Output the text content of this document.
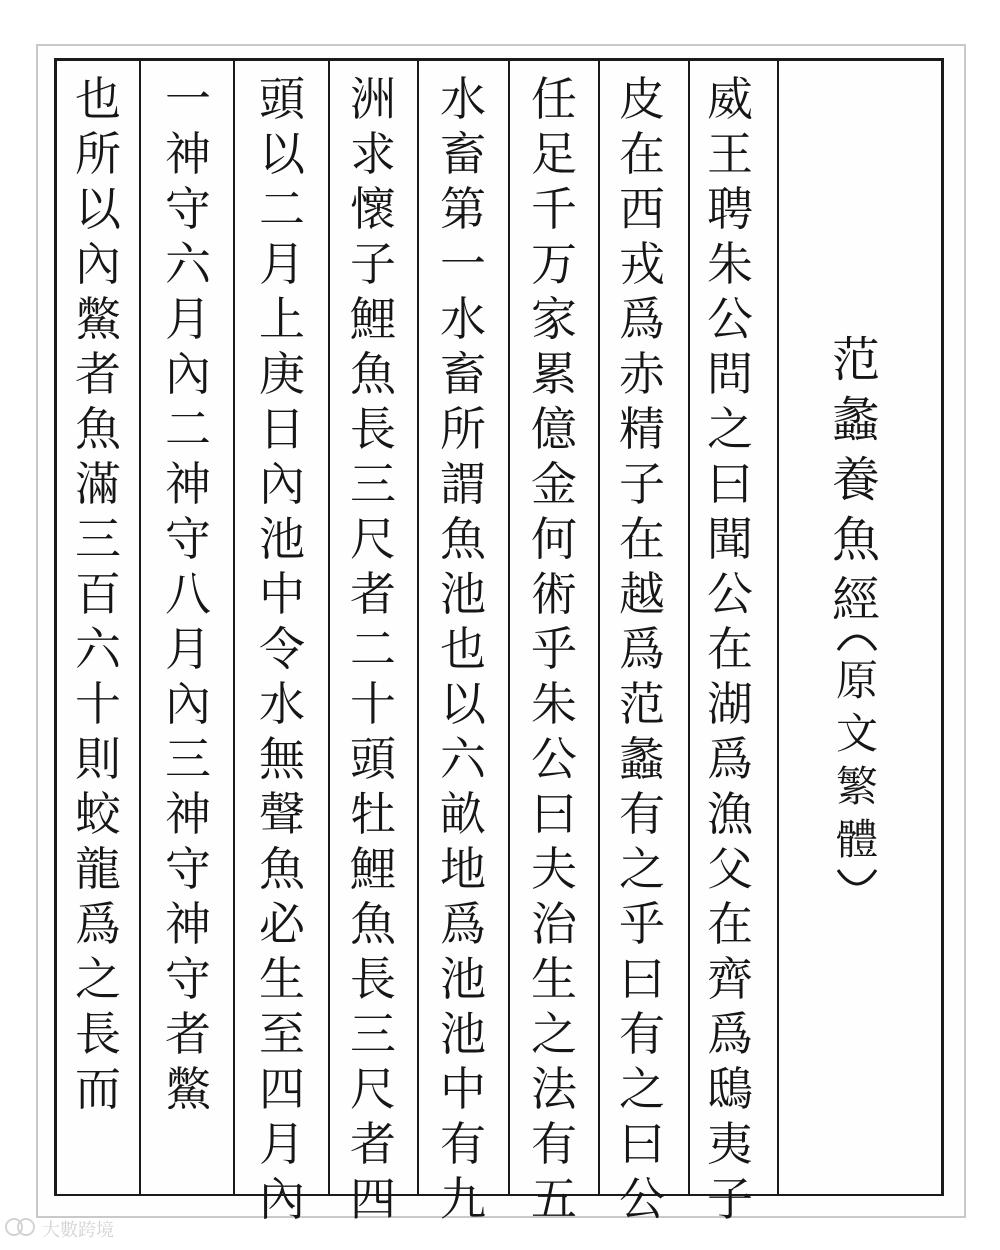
威
王
聘
朱
公
問
之
曰
聞
公
在
湖
爲
漁
父
在
齊
爲
鴟
夷
子
皮
在
西
戎
爲
赤
精
子
在
越
爲
范
蠡
有
之
乎
曰
有
之
曰
公
任
足
千
万
家
累
億
金
何
術
乎
朱
公
曰
夫
治
生
之
法
有
五
水
畜
第
一
水
畜
所
謂
魚
池
也
以
六
畝
地
爲
池
池
中
有
九
洲
求
懷
子
鯉
魚
長
三
尺
者
二
十
頭
牡
鯉
魚
長
三
尺
者
四
頭
以
二
月
上
庚
日
內
池
中
令
水
無
聲
魚
必
生
至
四
月
內
一
神
守
六
月
內
二
神
守
八
月
內
三
神
守
神
守
者
鱉
也
所
以
內
鱉
者
魚
滿
三
百
六
十
則
蛟
龍
爲
之
長
而
范
蠡
養
魚
經
原
文
繁
體
大數跨境
